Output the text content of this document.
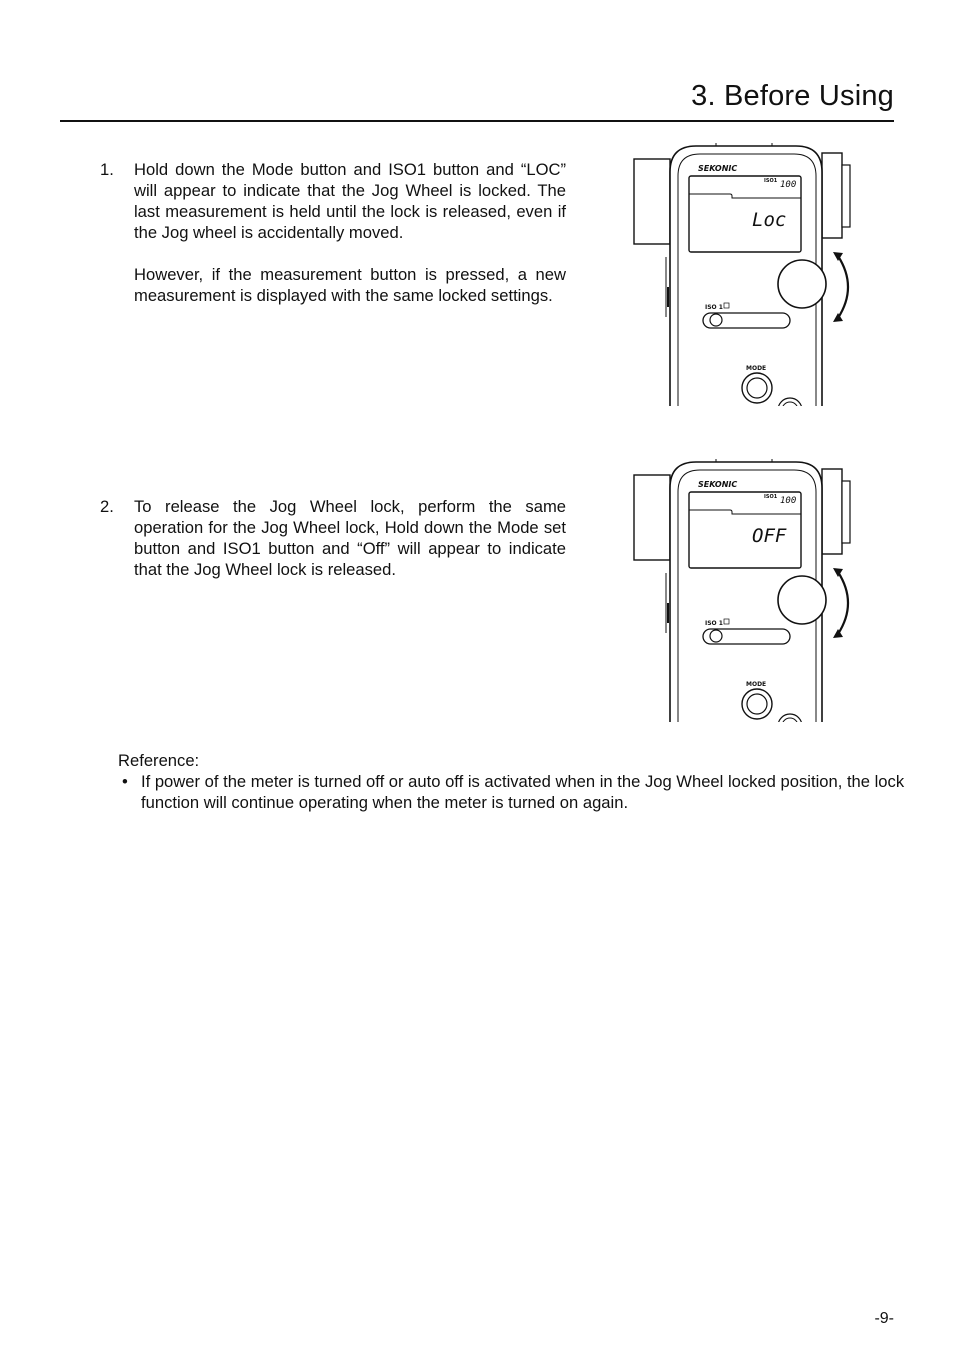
3. Before Using
1. Hold down the Mode button and ISO1 button and “LOC” will appear to indicate that the Jog Wheel is locked. The last measurement is held until the lock is released, even if the Jog wheel is accidentally moved.
However, if the measurement button is pressed, a new measurement is displayed with the same locked settings.
2. To release the Jog Wheel lock, perform the same operation for the Jog Wheel lock, Hold down the Mode set button and ISO1 button and “Off” will appear to indicate that the Jog Wheel lock is released.
SEKONIC
ISO1 100
Loc
ISO 1
MODE
SEKONIC
ISO1 100
OFF
ISO 1
MODE
Reference:
• If power of the meter is turned off or auto off is activated when in the Jog Wheel locked position, the lock function will continue operating when the meter is turned on again.
-9-
